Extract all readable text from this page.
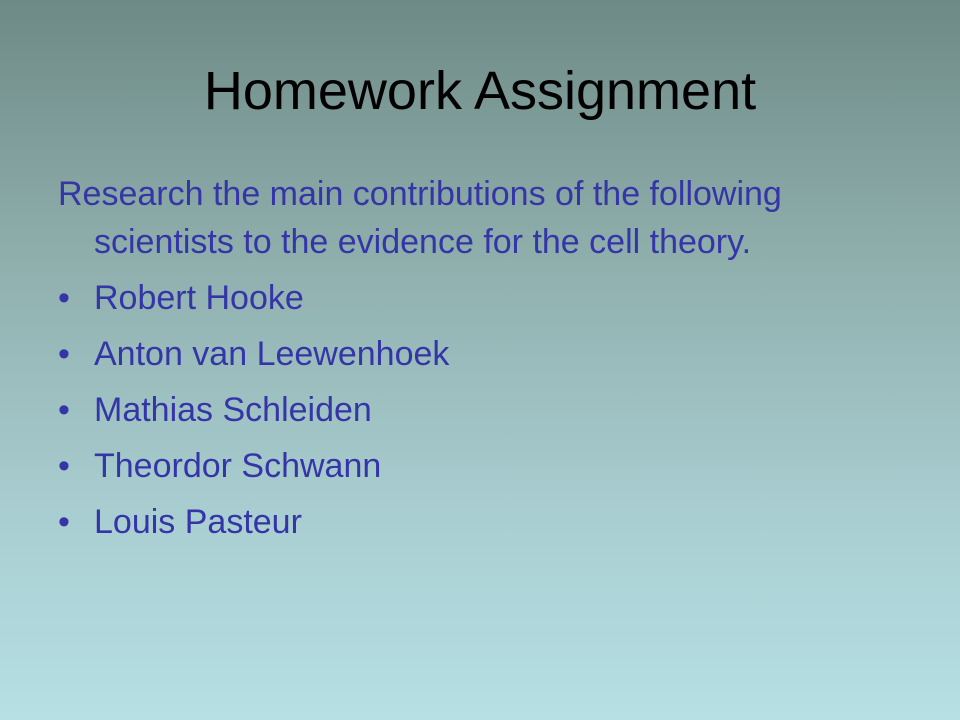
Homework Assignment

Research the main contributions of the following scientists to the evidence for the cell theory.

• Robert Hooke
• Anton van Leewenhoek
• Mathias Schleiden
• Theordor Schwann
• Louis Pasteur
